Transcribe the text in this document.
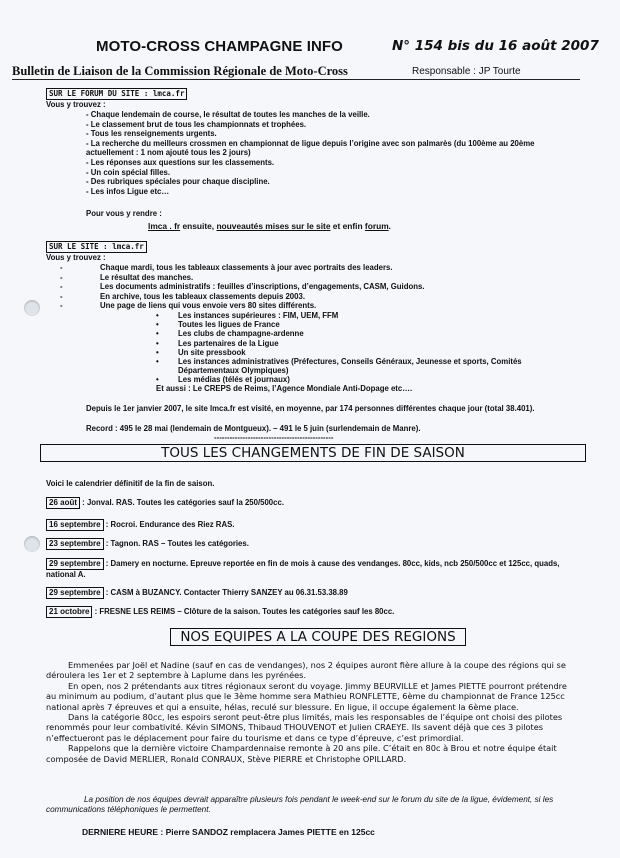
MOTO-CROSS CHAMPAGNE INFO	N° 154 bis du 16 août 2007
Bulletin de Liaison de la Commission Régionale de Moto-Cross	Responsable : JP Tourte
SUR LE FORUM DU SITE : lmca.fr
Vous y trouvez :
- Chaque lendemain de course, le résultat de toutes les manches de la veille.
- Le classement brut de tous les championnats et trophées.
- Tous les renseignements urgents.
- La recherche du meilleurs crossmen en championnat de ligue depuis l’origine avec son palmarès (du 100ème au 20ème
actuellement : 1 nom ajouté tous les 2 jours)
- Les réponses aux questions sur les classements.
- Un coin spécial filles.
- Des rubriques spéciales pour chaque discipline.
- Les infos Ligue etc…
Pour vous y rendre :
lmca . fr ensuite, nouveautés mises sur le site et enfin forum.
SUR LE SITE : lmca.fr
Vous y trouvez :
- Chaque mardi, tous les tableaux classements à jour avec portraits des leaders.
- Le résultat des manches.
- Les documents administratifs : feuilles d’inscriptions, d’engagements, CASM, Guidons.
- En archive, tous les tableaux classements depuis 2003.
- Une page de liens qui vous envoie vers 80 sites différents.
• Les instances supérieures : FIM, UEM, FFM
• Toutes les ligues de France
• Les clubs de champagne-ardenne
• Les partenaires de la Ligue
• Un site pressbook
• Les instances administratives (Préfectures, Conseils Généraux, Jeunesse et sports, Comités Départementaux Olympiques)
• Les médias (télés et journaux)
Et aussi : Le CREPS de Reims, l’Agence Mondiale Anti-Dopage etc….
Depuis le 1er janvier 2007, le site lmca.fr est visité, en moyenne, par 174 personnes différentes chaque jour (total 38.401).
Record : 495 le 28 mai (lendemain de Montgueux). – 491 le 5 juin (surlendemain de Manre).
----------------------------------------------
TOUS LES CHANGEMENTS DE FIN DE SAISON
Voici le calendrier définitif de la fin de saison.
26 août : Jonval. RAS. Toutes les catégories sauf la 250/500cc.
16 septembre : Rocroi. Endurance des Riez RAS.
23 septembre : Tagnon. RAS – Toutes les catégories.
29 septembre : Damery en nocturne. Epreuve reportée en fin de mois à cause des vendanges. 80cc, kids, ncb 250/500cc et 125cc, quads, national A.
29 septembre : CASM à BUZANCY. Contacter Thierry SANZEY au 06.31.53.38.89
21 octobre : FRESNE LES REIMS – Clôture de la saison. Toutes les catégories sauf les 80cc.
NOS EQUIPES A LA COUPE DES REGIONS

Emmenées par Joël et Nadine (sauf en cas de vendanges), nos 2 équipes auront fière allure à la coupe des régions qui se déroulera les 1er et 2 septembre à Laplume dans les pyrénées.

En open, nos 2 prétendants aux titres régionaux seront du voyage. Jimmy BEURVILLE et James PIETTE pourront prétendre au minimum au podium, d’autant plus que le 3ème homme sera Mathieu RONFLETTE, 6ème du championnat de France 125cc national après 7 épreuves et qui a ensuite, hélas, reculé sur blessure. En ligue, il occupe également la 6ème place.

Dans la catégorie 80cc, les espoirs seront peut-être plus limités, mais les responsables de l’équipe ont choisi des pilotes renommés pour leur combativité. Kévin SIMONS, Thibaud THOUVENOT et Julien CRAEYE. Ils savent déjà que ces 3 pilotes n’effectueront pas le déplacement pour faire du tourisme et dans ce type d’épreuve, c’est primordial.

Rappelons que la dernière victoire Champardennaise remonte à 20 ans pile. C’était en 80c à Brou et notre équipe était composée de David MERLIER, Ronald CONRAUX, Stève PIERRE et Christophe OPILLARD.

La position de nos équipes devrait apparaître plusieurs fois pendant le week-end sur le forum du site de la ligue, évidement, si les communications téléphoniques le permettent.
DERNIERE HEURE : Pierre SANDOZ remplacera James PIETTE en 125cc
